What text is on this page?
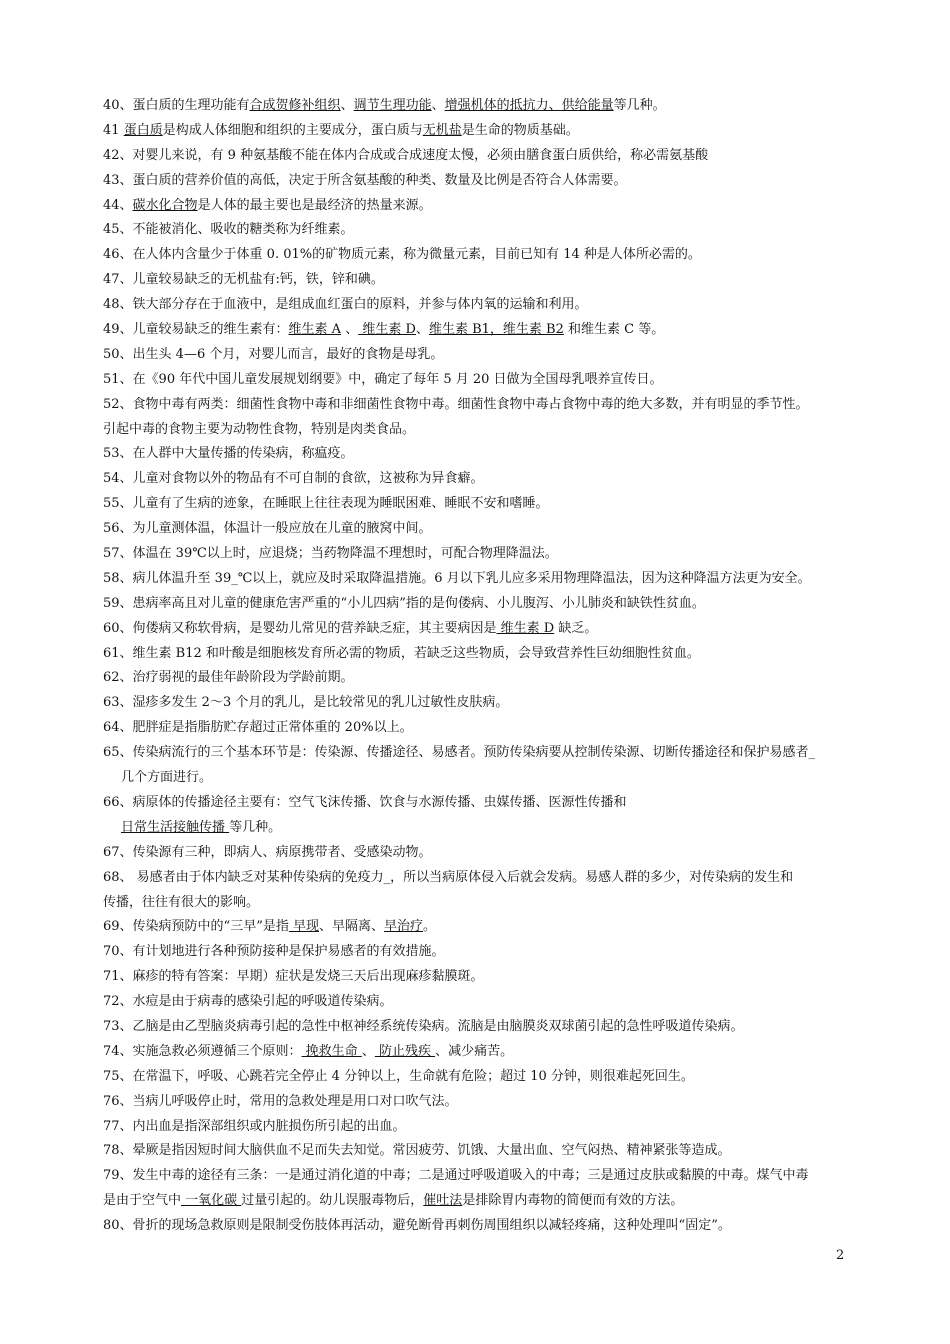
40、蛋白质的生理功能有合成贺修补组织、调节生理功能、增强机体的抵抗力、供给能量等几种。
41 蛋白质是构成人体细胞和组织的主要成分，蛋白质与无机盐是生命的物质基础。
42、对婴儿来说，有 9 种氨基酸不能在体内合成或合成速度太慢，必须由膳食蛋白质供给，称必需氨基酸
43、蛋白质的营养价值的高低，决定于所含氨基酸的种类、数量及比例是否符合人体需要。
44、碳水化合物是人体的最主要也是最经济的热量来源。
45、不能被消化、吸收的糖类称为纤维素。
46、在人体内含量少于体重 0. 01%的矿物质元素，称为微量元素，目前已知有 14 种是人体所必需的。
47、儿童较易缺乏的无机盐有:钙，铁，锌和碘。
48、铁大部分存在于血液中，是组成血红蛋白的原料，并参与体内氧的运输和利用。
49、儿童较易缺乏的维生素有：维生素 A 、 维生素 D、维生素 B1，维生素 B2 和维生素 C 等。
50、出生头 4—6 个月，对婴儿而言，最好的食物是母乳。
51、在《90 年代中国儿童发展规划纲要》中，确定了每年 5 月 20 日做为全国母乳喂养宣传日。
52、食物中毒有两类：细菌性食物中毒和非细菌性食物中毒。细菌性食物中毒占食物中毒的绝大多数，并有明显的季节性。
引起中毒的食物主要为动物性食物，特别是肉类食品。
53、在人群中大量传播的传染病，称瘟疫。
54、儿童对食物以外的物品有不可自制的食欲，这被称为异食癖。
55、儿童有了生病的迹象，在睡眠上往往表现为睡眠困难、睡眠不安和嗜睡。
56、为儿童测体温，体温计一般应放在儿童的腋窝中间。
57、体温在 39℃以上时，应退烧；当药物降温不理想时，可配合物理降温法。
58、病儿体温升至 39_℃以上，就应及时采取降温措施。6 月以下乳儿应多采用物理降温法，因为这种降温方法更为安全。
59、患病率高且对儿童的健康危害严重的“小儿四病”指的是佝偻病、小儿腹泻、小儿肺炎和缺铁性贫血。
60、佝偻病又称软骨病，是婴幼儿常见的营养缺乏症，其主要病因是 维生素 D 缺乏。
61、维生素 B12 和叶酸是细胞核发育所必需的物质，若缺乏这些物质，会导致营养性巨幼细胞性贫血。
62、治疗弱视的最佳年龄阶段为学龄前期。
63、湿疹多发生 2～3 个月的乳儿，是比较常见的乳儿过敏性皮肤病。
64、肥胖症是指脂肪贮存超过正常体重的 20%以上。
65、传染病流行的三个基本环节是：传染源、传播途径、易感者。预防传染病要从控制传染源、切断传播途径和保护易感者_
几个方面进行。
66、病原体的传播途径主要有：空气飞沫传播、饮食与水源传播、虫媒传播、医源性传播和
日常生活接触传播 等几种。
67、传染源有三种，即病人、病原携带者、受感染动物。
68、 易感者由于体内缺乏对某种传染病的免疫力_，所以当病原体侵入后就会发病。易感人群的多少，对传染病的发生和
传播，往往有很大的影响。
69、传染病预防中的“三早”是指 早现、早隔离、早治疗。
70、有计划地进行各种预防接种是保护易感者的有效措施。
71、麻疹的特有答案：早期）症状是发烧三天后出现麻疹黏膜斑。
72、水痘是由于病毒的感染引起的呼吸道传染病。
73、乙脑是由乙型脑炎病毒引起的急性中枢神经系统传染病。流脑是由脑膜炎双球菌引起的急性呼吸道传染病。
74、实施急救必须遵循三个原则： 挽救生命 、 防止残疾 、减少痛苦。
75、在常温下，呼吸、心跳若完全停止 4 分钟以上，生命就有危险；超过 10 分钟，则很难起死回生。
76、当病儿呼吸停止时，常用的急救处理是用口对口吹气法。
77、内出血是指深部组织或内脏损伤所引起的出血。
78、晕厥是指因短时间大脑供血不足而失去知觉。常因疲劳、饥饿、大量出血、空气闷热、精神紧张等造成。
79、发生中毒的途径有三条：一是通过消化道的中毒；二是通过呼吸道吸入的中毒；三是通过皮肤或黏膜的中毒。煤气中毒
是由于空气中 一氧化碳 过量引起的。幼儿误服毒物后，催吐法是排除胃内毒物的简便而有效的方法。
80、骨折的现场急救原则是限制受伤肢体再活动，避免断骨再刺伤周围组织以减轻疼痛，这种处理叫“固定”。
2
